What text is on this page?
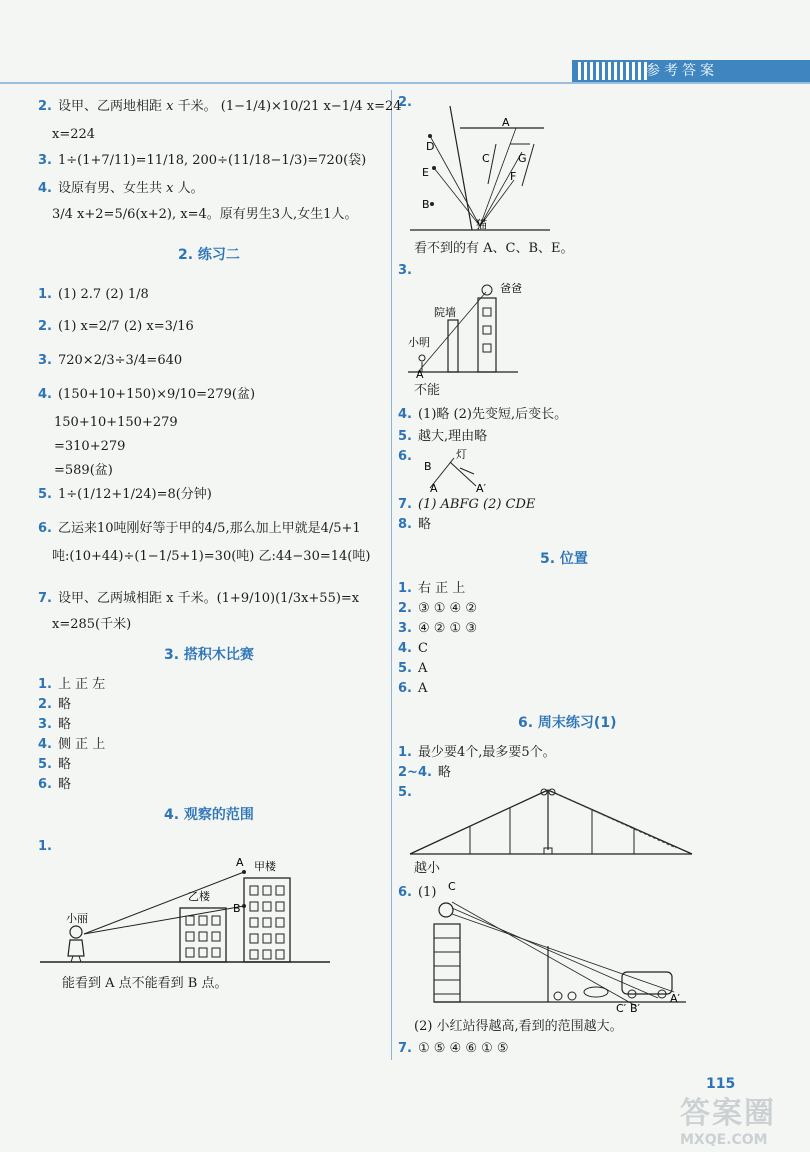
参考答案
2. 设甲、乙两地相距 x 千米。 (1−1/4)×10/21 x−1/4 x=24
x=224
3. 1÷(1+7/11)=11/18, 200÷(11/18−1/3)=720(袋)
4. 设原有男、女生共 x 人。
3/4 x+2=5/6(x+2), x=4。原有男生3人,女生1人。
2. 练习二
1. (1) 2.7 (2) 1/8
2. (1) x=2/7 (2) x=3/16
3. 720×2/3÷3/4=640
4. (150+10+150)×9/10=279(盆)
150+10+150+279
=310+279
=589(盆)
5. 1÷(1/12+1/24)=8(分钟)
6. 乙运来10吨刚好等于甲的4/5,那么加上甲就是4/5+1
吨:(10+44)÷(1−1/5+1)=30(吨) 乙:44−30=14(吨)
7. 设甲、乙两城相距 x 千米。(1+9/10)(1/3x+55)=x
x=285(千米)
3. 搭积木比赛
1. 上 正 左
2. 略
3. 略
4. 侧 正 上
5. 略
6. 略
4. 观察的范围
1.
小丽
乙楼
甲楼
A
B
能看到 A 点不能看到 B 点。
2.
A
D
C	G
E	F
B
猫
看不到的有 A、C、B、E。
3.
爸爸
院墙
小明
A
不能
4. (1)略 (2)先变短,后变长。
5. 越大,理由略
6.	灯
B
A	A′
7. (1) ABFG (2) CDE
8. 略
5. 位置
1. 右 正 上
2. ③ ① ④ ②
3. ④ ② ① ③
4. C
5. A
6. A
6. 周末练习(1)
1. 最少要4个,最多要5个。
2~4. 略
5.
越小
6. (1) C
C′ B′
A′
(2) 小红站得越高,看到的范围越大。
7. ① ⑤ ④ ⑥ ① ⑤
115
答案圈
MXQE.COM
